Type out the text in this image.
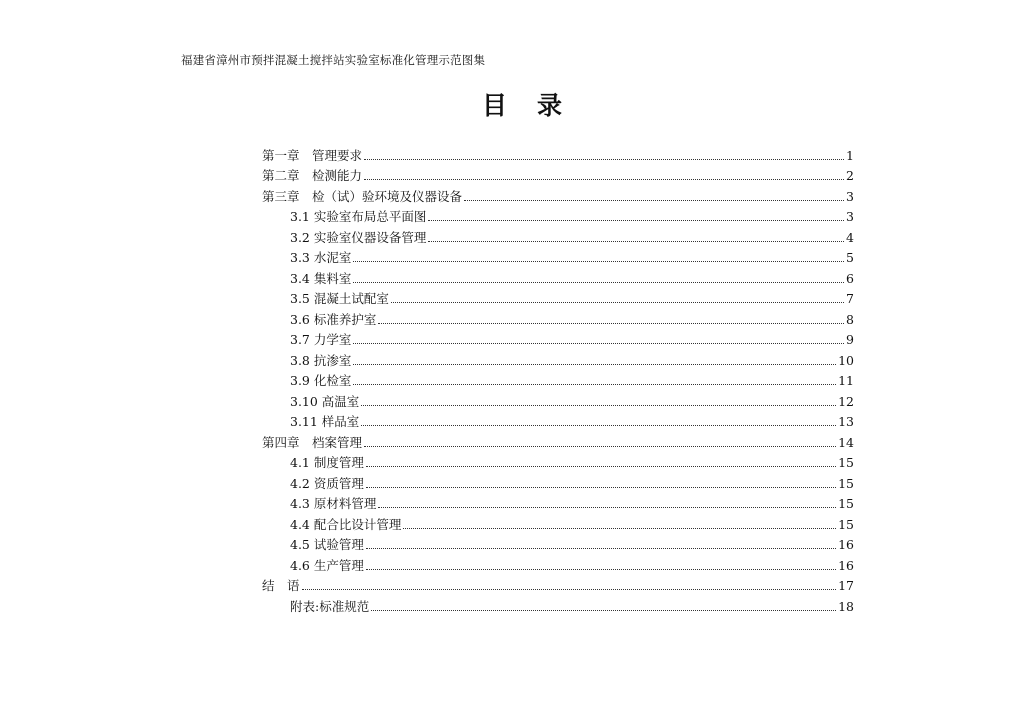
福建省漳州市预拌混凝土搅拌站实验室标准化管理示范图集
目录
第一章　管理要求	1
第二章　检测能力	2
第三章　检（试）验环境及仪器设备	3
3.1 实验室布局总平面图	3
3.2 实验室仪器设备管理	4
3.3 水泥室	5
3.4 集料室	6
3.5 混凝土试配室	7
3.6 标准养护室	8
3.7 力学室	9
3.8 抗渗室	10
3.9 化检室	11
3.10 高温室	12
3.11 样品室	13
第四章　档案管理	14
4.1 制度管理	15
4.2 资质管理	15
4.3 原材料管理	15
4.4 配合比设计管理	15
4.5 试验管理	16
4.6 生产管理	16
结　语	17
附表:标准规范	18
